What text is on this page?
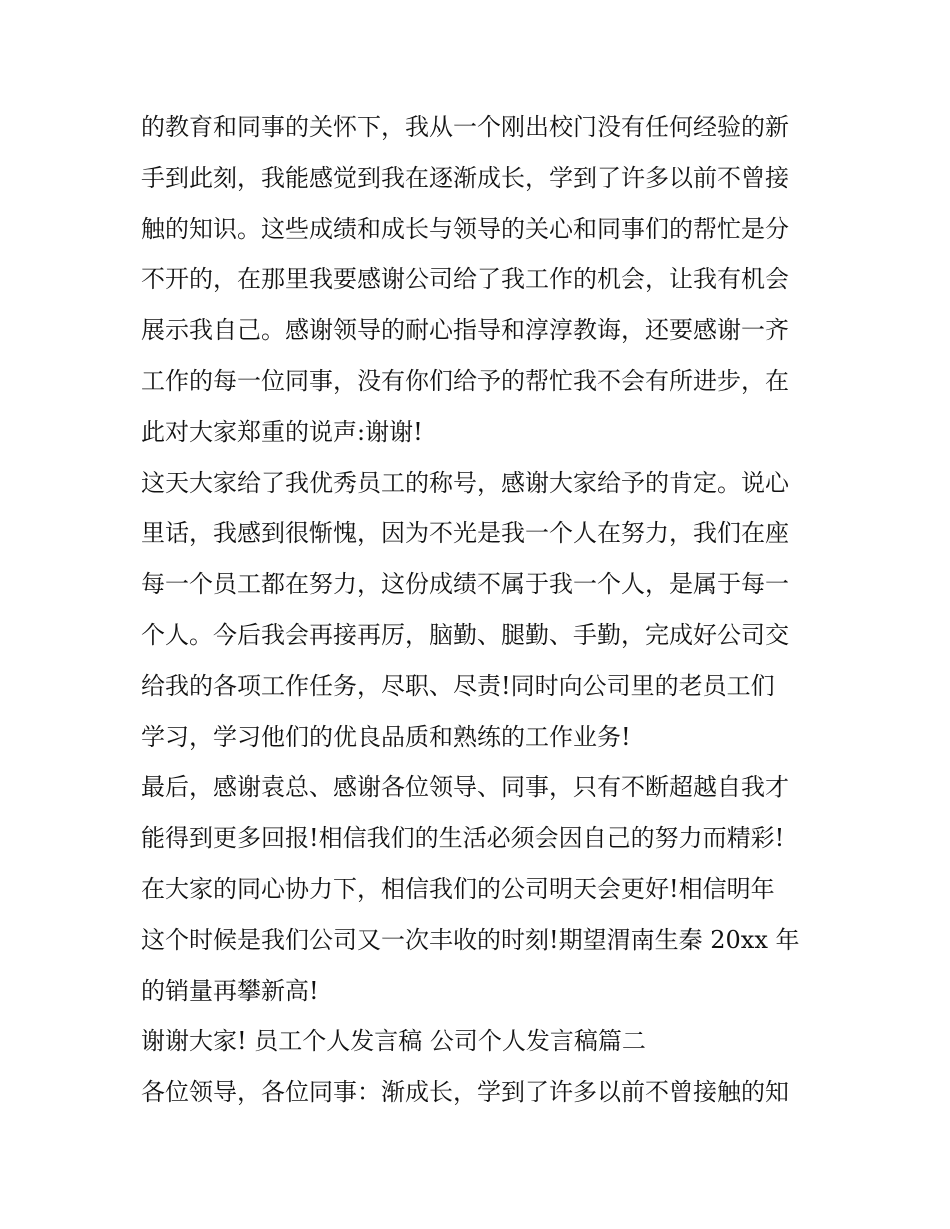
的教育和同事的关怀下，我从一个刚出校门没有任何经验的新
手到此刻，我能感觉到我在逐渐成长，学到了许多以前不曾接
触的知识。这些成绩和成长与领导的关心和同事们的帮忙是分
不开的，在那里我要感谢公司给了我工作的机会，让我有机会
展示我自己。感谢领导的耐心指导和淳淳教诲，还要感谢一齐
工作的每一位同事，没有你们给予的帮忙我不会有所进步，在
此对大家郑重的说声:谢谢!
这天大家给了我优秀员工的称号，感谢大家给予的肯定。说心
里话，我感到很惭愧，因为不光是我一个人在努力，我们在座
每一个员工都在努力，这份成绩不属于我一个人，是属于每一
个人。今后我会再接再厉，脑勤、腿勤、手勤，完成好公司交
给我的各项工作任务，尽职、尽责!同时向公司里的老员工们
学习，学习他们的优良品质和熟练的工作业务!
最后，感谢袁总、感谢各位领导、同事，只有不断超越自我才
能得到更多回报!相信我们的生活必须会因自己的努力而精彩!
在大家的同心协力下，相信我们的公司明天会更好!相信明年
这个时候是我们公司又一次丰收的时刻!期望渭南生秦 20xx 年
的销量再攀新高!
谢谢大家! 员工个人发言稿 公司个人发言稿篇二
各位领导，各位同事：渐成长，学到了许多以前不曾接触的知
